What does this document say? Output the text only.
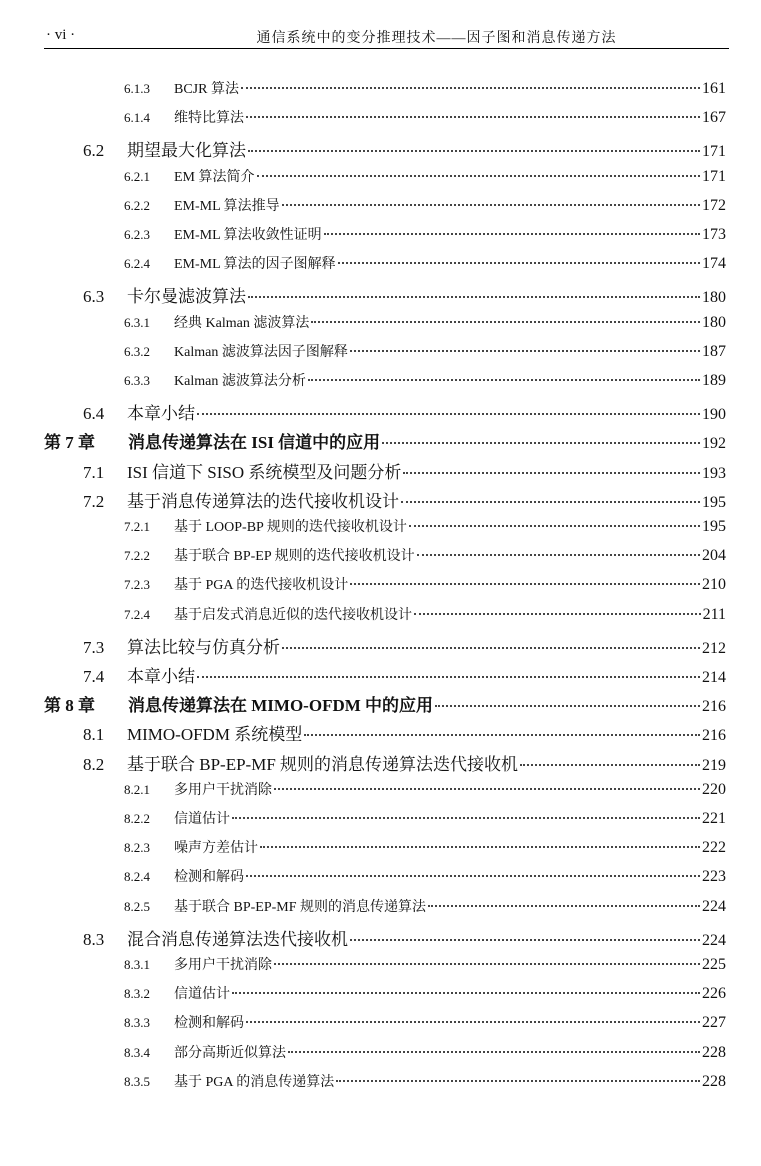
· vi ·	通信系统中的变分推理技术——因子图和消息传递方法
6.1.3	BCJR 算法	161
6.1.4	维特比算法	167
6.2	期望最大化算法	171
6.2.1	EM 算法简介	171
6.2.2	EM-ML 算法推导	172
6.2.3	EM-ML 算法收敛性证明	173
6.2.4	EM-ML 算法的因子图解释	174
6.3	卡尔曼滤波算法	180
6.3.1	经典 Kalman 滤波算法	180
6.3.2	Kalman 滤波算法因子图解释	187
6.3.3	Kalman 滤波算法分析	189
6.4	本章小结	190
第 7 章	消息传递算法在 ISI 信道中的应用	192
7.1	ISI 信道下 SISO 系统模型及问题分析	193
7.2	基于消息传递算法的迭代接收机设计	195
7.2.1	基于 LOOP-BP 规则的迭代接收机设计	195
7.2.2	基于联合 BP-EP 规则的迭代接收机设计	204
7.2.3	基于 PGA 的迭代接收机设计	210
7.2.4	基于启发式消息近似的迭代接收机设计	211
7.3	算法比较与仿真分析	212
7.4	本章小结	214
第 8 章	消息传递算法在 MIMO-OFDM 中的应用	216
8.1	MIMO-OFDM 系统模型	216
8.2	基于联合 BP-EP-MF 规则的消息传递算法迭代接收机	219
8.2.1	多用户干扰消除	220
8.2.2	信道估计	221
8.2.3	噪声方差估计	222
8.2.4	检测和解码	223
8.2.5	基于联合 BP-EP-MF 规则的消息传递算法	224
8.3	混合消息传递算法迭代接收机	224
8.3.1	多用户干扰消除	225
8.3.2	信道估计	226
8.3.3	检测和解码	227
8.3.4	部分高斯近似算法	228
8.3.5	基于 PGA 的消息传递算法	228
